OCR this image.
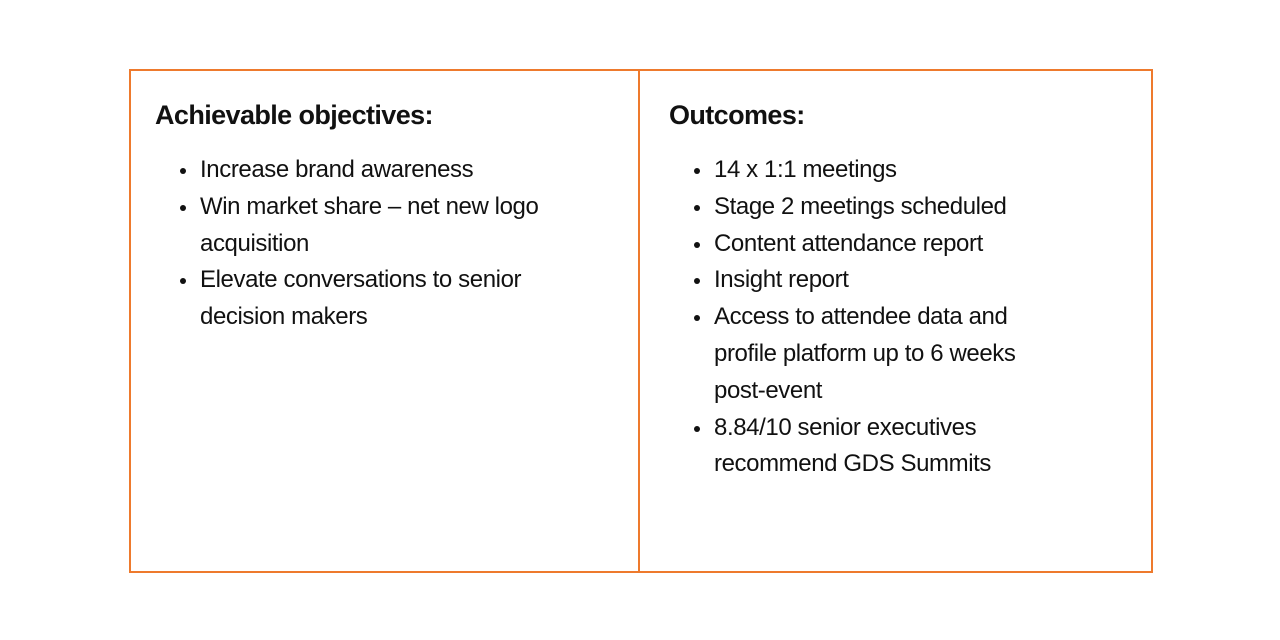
Achievable objectives:
Increase brand awareness
Win market share – net new logo acquisition
Elevate conversations to senior decision makers
Outcomes:
14 x 1:1 meetings
Stage 2 meetings scheduled
Content attendance report
Insight report
Access to attendee data and profile platform up to 6 weeks post-event
8.84/10 senior executives recommend GDS Summits
